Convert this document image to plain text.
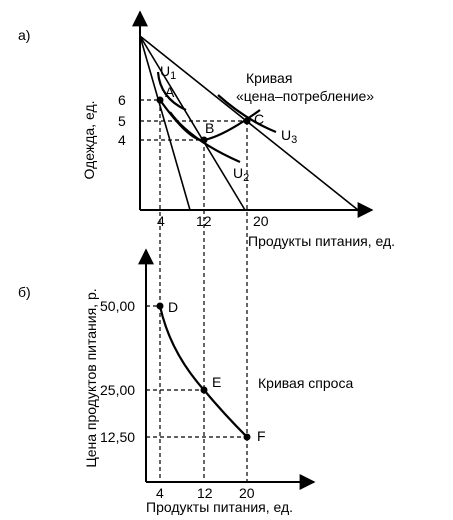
а)
Одежда, ед.
Продукты питания, ед.
6
5
4
4 12	20
A
B
C
$U_1$
$U_2$
$U_3$
Кривая
«цена–потребление»
б)	Цена продуктов питания, р.
Продукты питания, ед.
50,00
25,00
12,50
4 12 20
D
E
F
Кривая спроса
